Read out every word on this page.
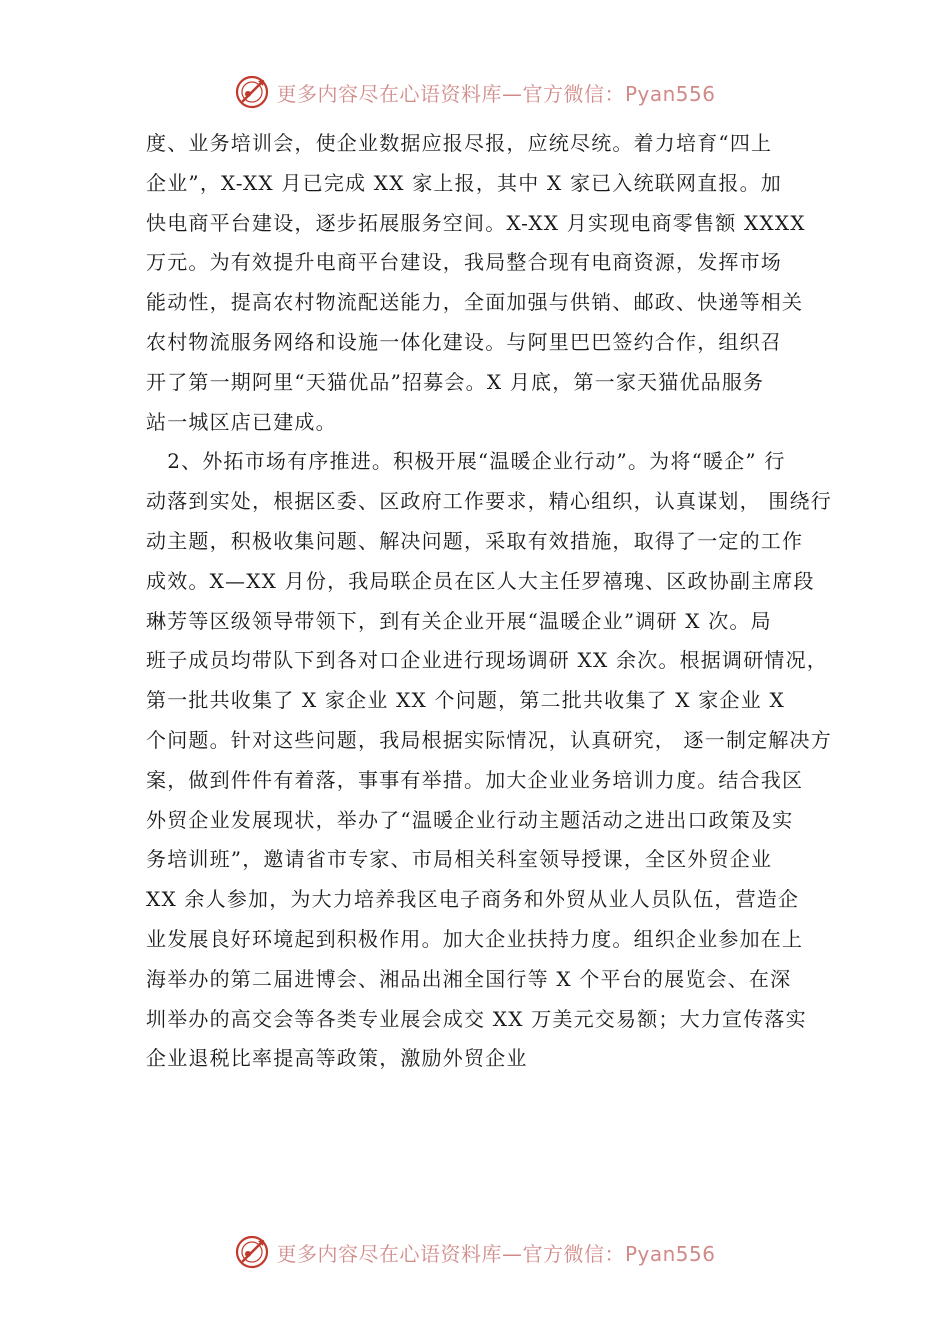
更多内容尽在心语资料库—官方微信：Pyan556
度、业务培训会，使企业数据应报尽报，应统尽统。着力培育“四上
企业”，X-XX 月已完成 XX 家上报，其中 X 家已入统联网直报。加
快电商平台建设，逐步拓展服务空间。X-XX 月实现电商零售额 XXXX
万元。为有效提升电商平台建设，我局整合现有电商资源，发挥市场
能动性，提高农村物流配送能力，全面加强与供销、邮政、快递等相关
农村物流服务网络和设施一体化建设。与阿里巴巴签约合作，组织召
开了第一期阿里“天猫优品”招募会。X 月底，第一家天猫优品服务
站一城区店已建成。
　2、外拓市场有序推进。积极开展“温暖企业行动”。为将“暖企” 行
动落到实处，根据区委、区政府工作要求，精心组织，认真谋划， 围绕行
动主题，积极收集问题、解决问题，采取有效措施，取得了一定的工作
成效。X—XX 月份，我局联企员在区人大主任罗禧瑰、区政协副主席段
琳芳等区级领导带领下，到有关企业开展“温暖企业”调研 X 次。局
班子成员均带队下到各对口企业进行现场调研 XX 余次。根据调研情况，
第一批共收集了 X 家企业 XX 个问题，第二批共收集了 X 家企业 X
个问题。针对这些问题，我局根据实际情况，认真研究， 逐一制定解决方
案，做到件件有着落，事事有举措。加大企业业务培训力度。结合我区
外贸企业发展现状，举办了“温暖企业行动主题活动之进出口政策及实
务培训班”，邀请省市专家、市局相关科室领导授课，全区外贸企业
XX 余人参加，为大力培养我区电子商务和外贸从业人员队伍，营造企
业发展良好环境起到积极作用。加大企业扶持力度。组织企业参加在上
海举办的第二届进博会、湘品出湘全国行等 X 个平台的展览会、在深
圳举办的高交会等各类专业展会成交 XX 万美元交易额；大力宣传落实
企业退税比率提高等政策，激励外贸企业
更多内容尽在心语资料库—官方微信：Pyan556
